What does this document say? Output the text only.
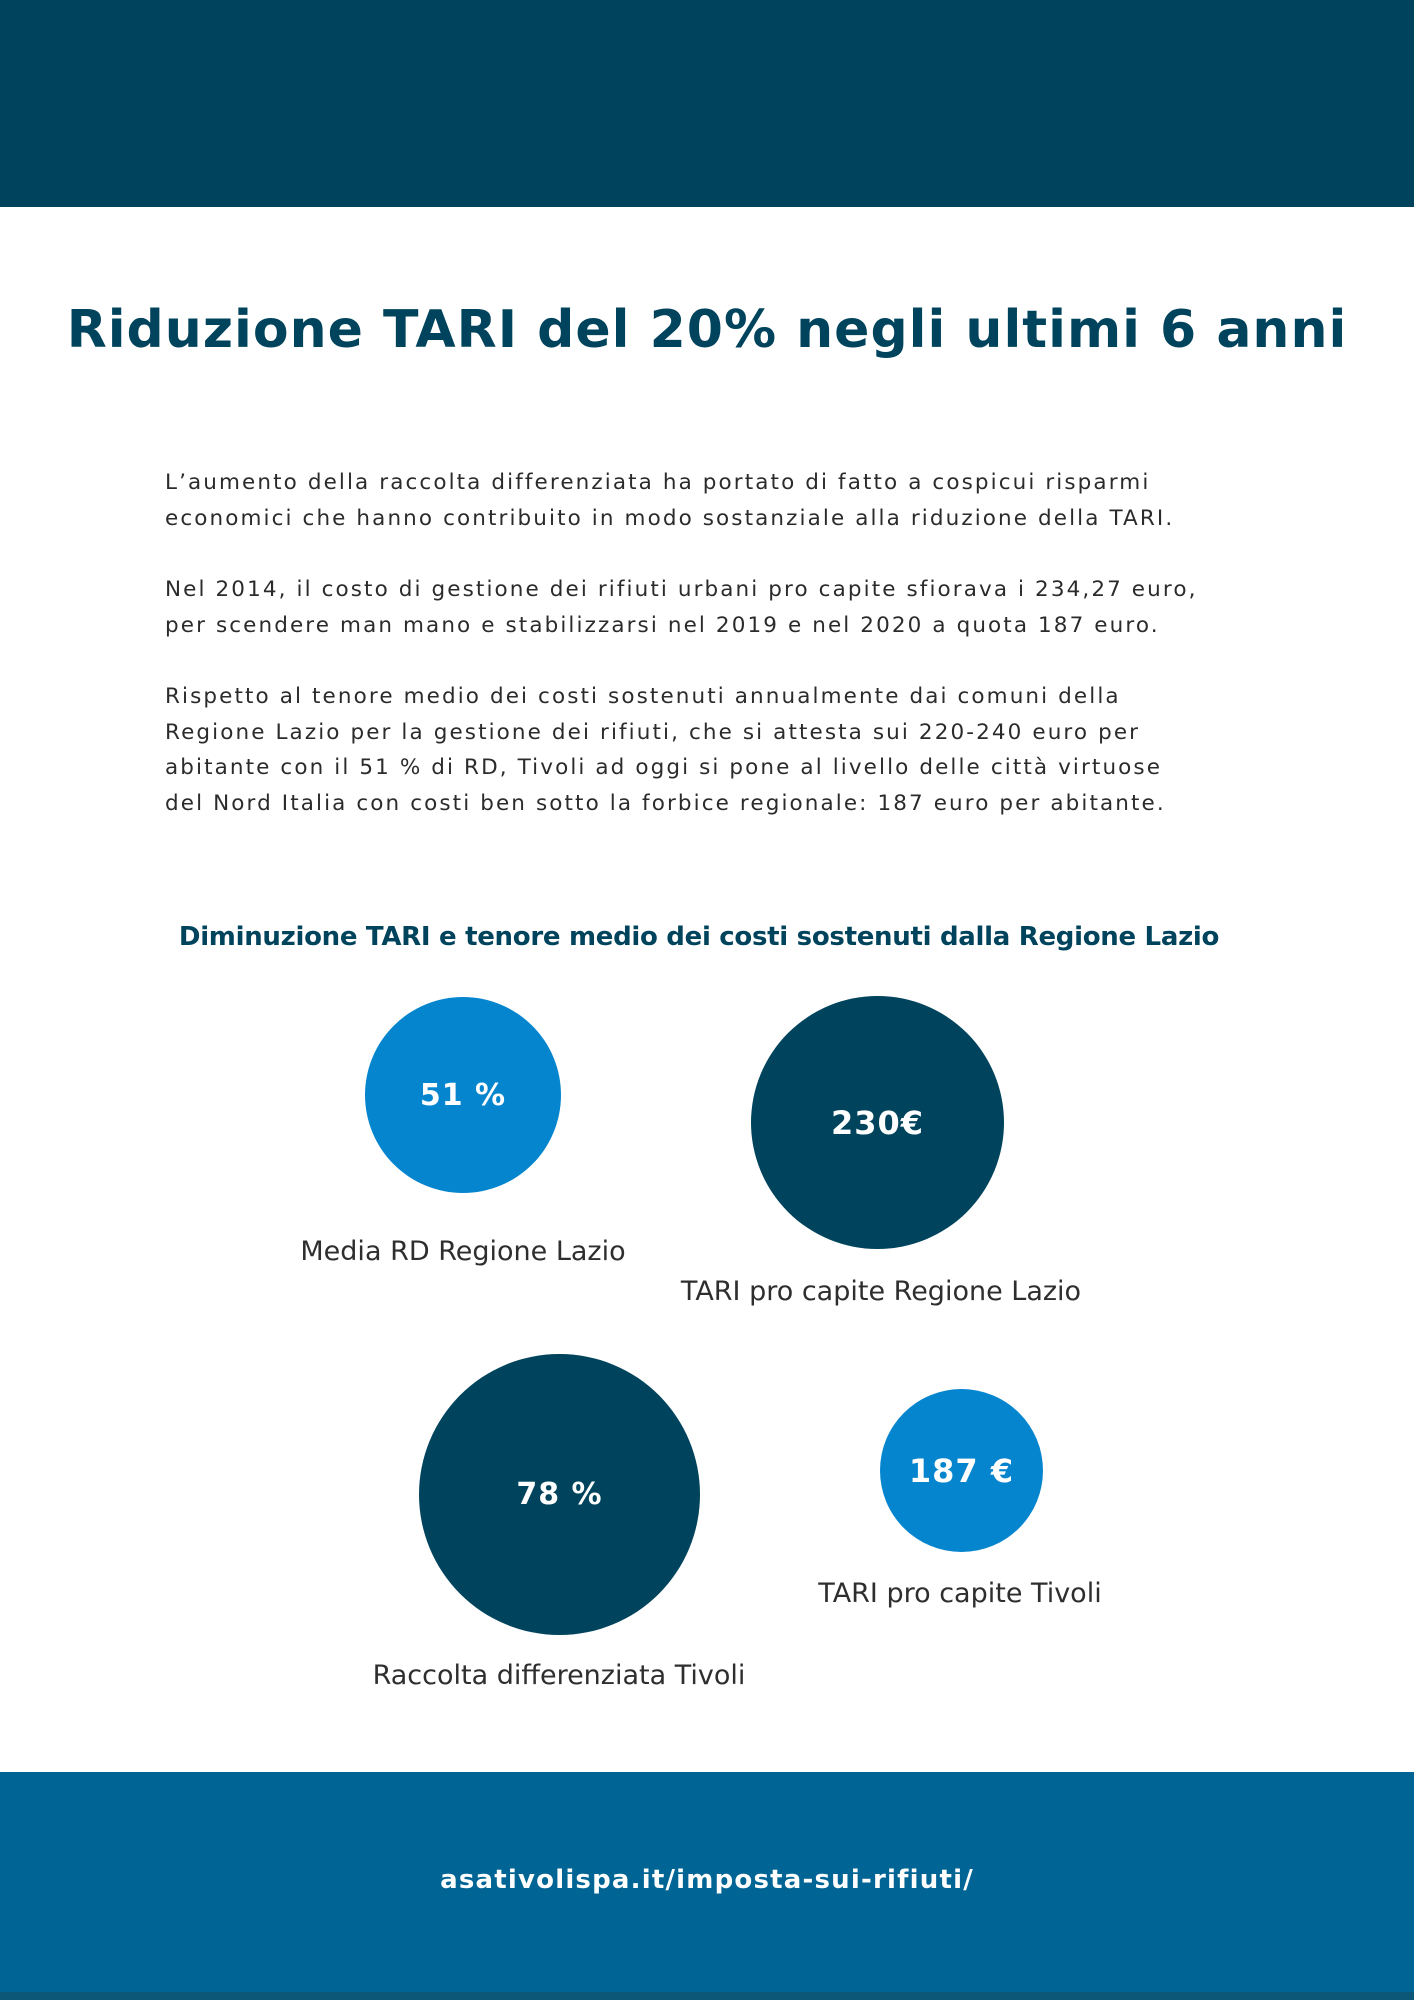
Riduzione TARI del 20% negli ultimi 6 anni

L’aumento della raccolta differenziata ha portato di fatto a cospicui risparmi
economici che hanno contribuito in modo sostanziale alla riduzione della TARI.

Nel 2014, il costo di gestione dei rifiuti urbani pro capite sfiorava i 234,27 euro,
per scendere man mano e stabilizzarsi nel 2019 e nel 2020 a quota 187 euro.

Rispetto al tenore medio dei costi sostenuti annualmente dai comuni della
Regione Lazio per la gestione dei rifiuti, che si attesta sui 220-240 euro per
abitante con il 51 % di RD, Tivoli ad oggi si pone al livello delle città virtuose
del Nord Italia con costi ben sotto la forbice regionale: 187 euro per abitante.

Diminuzione TARI e tenore medio dei costi sostenuti dalla Regione Lazio
51 %
Media RD Regione Lazio
230€
TARI pro capite Regione Lazio
78 %
Raccolta differenziata Tivoli
187 €
TARI pro capite Tivoli
asativolispa.it/imposta-sui-rifiuti/
